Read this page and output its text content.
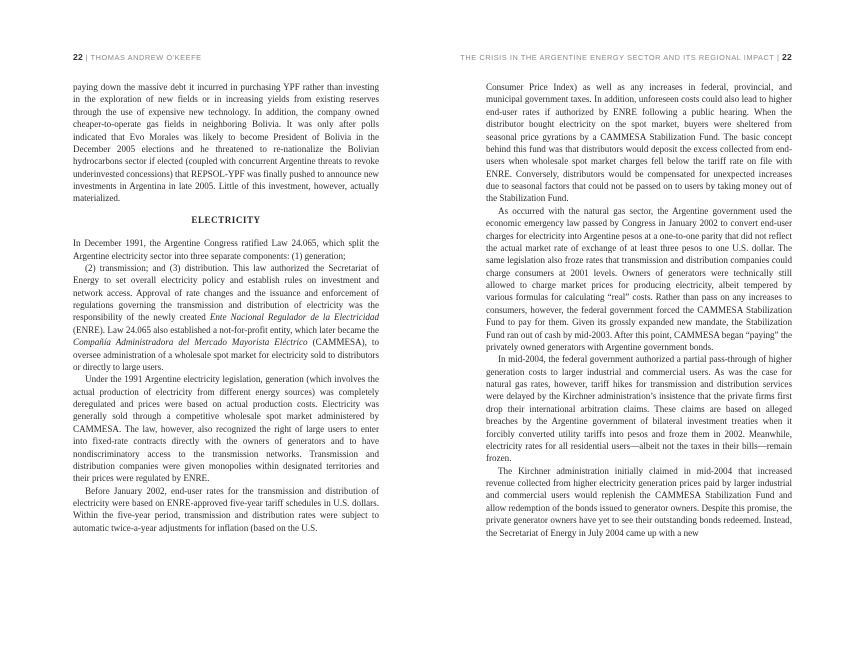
22 | THOMAS ANDREW O'KEEFE	THE CRISIS IN THE ARGENTINE ENERGY SECTOR AND ITS REGIONAL IMPACT | 22

paying down the massive debt it incurred in purchasing YPF rather than investing in the exploration of new fields or in increasing yields from existing reserves through the use of expensive new technology. In addition, the company owned cheaper-to-operate gas fields in neighboring Bolivia. It was only after polls indicated that Evo Morales was likely to become President of Bolivia in the December 2005 elections and he threatened to re-nationalize the Bolivian hydrocarbons sector if elected (coupled with concurrent Argentine threats to revoke underinvested concessions) that REPSOL-YPF was finally pushed to announce new investments in Argentina in late 2005. Little of this investment, however, actually materialized.

ELECTRICITY

In December 1991, the Argentine Congress ratified Law 24.065, which split the Argentine electricity sector into three separate components: (1) generation;

(2) transmission; and (3) distribution. This law authorized the Secretariat of Energy to set overall electricity policy and establish rules on investment and network access. Approval of rate changes and the issuance and enforcement of regulations governing the transmission and distribution of electricity was the responsibility of the newly created Ente Nacional Regulador de la Electricidad (ENRE). Law 24.065 also established a not-for-profit entity, which later became the Compañía Administradora del Mercado Mayorista Eléctrico (CAMMESA), to oversee administration of a wholesale spot market for electricity sold to distributors or directly to large users.

Under the 1991 Argentine electricity legislation, generation (which involves the actual production of electricity from different energy sources) was completely deregulated and prices were based on actual production costs. Electricity was generally sold through a competitive wholesale spot market administered by CAMMESA. The law, however, also recognized the right of large users to enter into fixed-rate contracts directly with the owners of generators and to have nondiscriminatory access to the transmission networks. Transmission and distribution companies were given monopolies within designated territories and their prices were regulated by ENRE.

Before January 2002, end-user rates for the transmission and distribution of electricity were based on ENRE-approved five-year tariff schedules in U.S. dollars. Within the five-year period, transmission and distribution rates were subject to automatic twice-a-year adjustments for inflation (based on the U.S.

Consumer Price Index) as well as any increases in federal, provincial, and municipal government taxes. In addition, unforeseen costs could also lead to higher end-user rates if authorized by ENRE following a public hearing. When the distributor bought electricity on the spot market, buyers were sheltered from seasonal price gyrations by a CAMMESA Stabilization Fund. The basic concept behind this fund was that distributors would deposit the excess collected from end-users when wholesale spot market charges fell below the tariff rate on file with ENRE. Conversely, distributors would be compensated for unexpected increases due to seasonal factors that could not be passed on to users by taking money out of the Stabilization Fund.

As occurred with the natural gas sector, the Argentine government used the economic emergency law passed by Congress in January 2002 to convert end-user charges for electricity into Argentine pesos at a one-to-one parity that did not reflect the actual market rate of exchange of at least three pesos to one U.S. dollar. The same legislation also froze rates that transmission and distribution companies could charge consumers at 2001 levels. Owners of generators were technically still allowed to charge market prices for producing electricity, albeit tempered by various formulas for calculating “real” costs. Rather than pass on any increases to consumers, however, the federal government forced the CAMMESA Stabilization Fund to pay for them. Given its grossly expanded new mandate, the Stabilization Fund ran out of cash by mid-2003. After this point, CAMMESA began “paying” the privately owned generators with Argentine government bonds.

In mid-2004, the federal government authorized a partial pass-through of higher generation costs to larger industrial and commercial users. As was the case for natural gas rates, however, tariff hikes for transmission and distribution services were delayed by the Kirchner administration’s insistence that the private firms first drop their international arbitration claims. These claims are based on alleged breaches by the Argentine government of bilateral investment treaties when it forcibly converted utility tariffs into pesos and froze them in 2002. Meanwhile, electricity rates for all residential users—albeit not the taxes in their bills—remain frozen.

The Kirchner administration initially claimed in mid-2004 that increased revenue collected from higher electricity generation prices paid by larger industrial and commercial users would replenish the CAMMESA Stabilization Fund and allow redemption of the bonds issued to generator owners. Despite this promise, the private generator owners have yet to see their outstanding bonds redeemed. Instead, the Secretariat of Energy in July 2004 came up with a new
